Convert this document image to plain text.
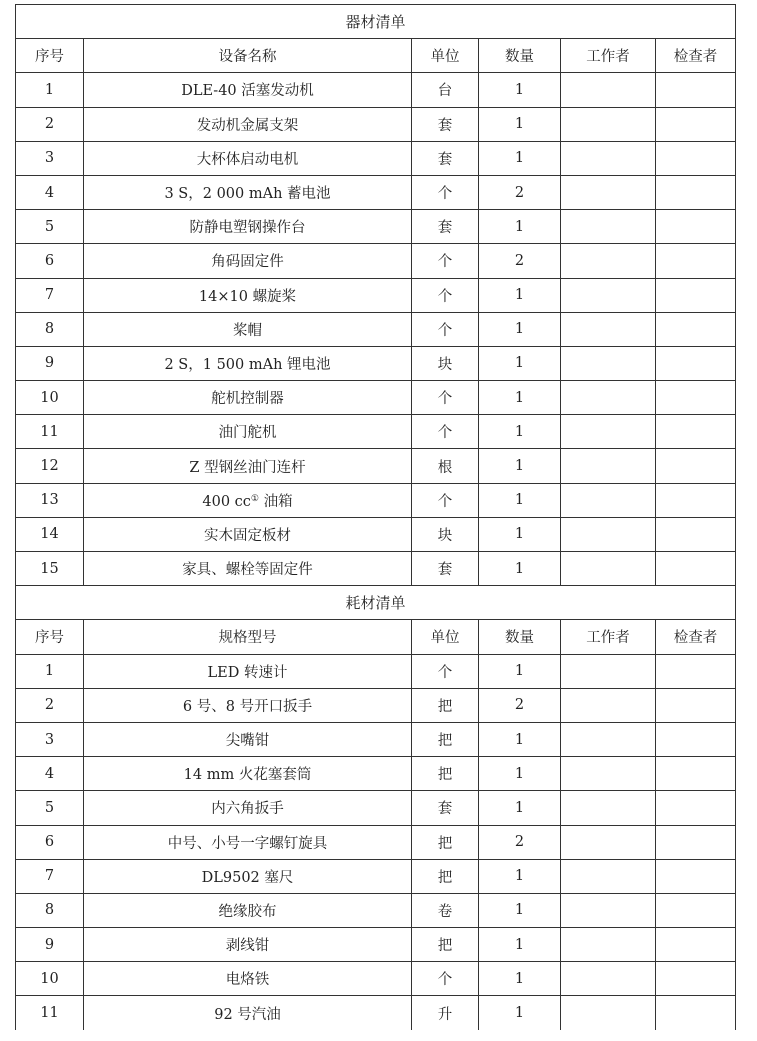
器材清单					
序号	设备名称	单位	数量	工作者	检查者
1	DLE-40 活塞发动机	台	1		
2	发动机金属支架	套	1		
3	大杯体启动电机	套	1		
4	3 S，2 000 mAh 蓄电池	个	2		
5	防静电塑钢操作台	套	1		
6	角码固定件	个	2		
7	14×10 螺旋桨	个	1		
8	桨帽	个	1		
9	2 S，1 500 mAh 锂电池	块	1		
10	舵机控制器	个	1		
11	油门舵机	个	1		
12	Z 型钢丝油门连杆	根	1		
13	400 cc① 油箱	个	1		
14	实木固定板材	块	1		
15	家具、螺栓等固定件	套	1		
耗材清单					
序号	规格型号	单位	数量	工作者	检查者
1	LED 转速计	个	1		
2	6 号、8 号开口扳手	把	2		
3	尖嘴钳	把	1		
4	14 mm 火花塞套筒	把	1		
5	内六角扳手	套	1		
6	中号、小号一字螺钉旋具	把	2		
7	DL9502 塞尺	把	1		
8	绝缘胶布	卷	1		
9	剥线钳	把	1		
10	电烙铁	个	1		
11	92 号汽油	升	1		
